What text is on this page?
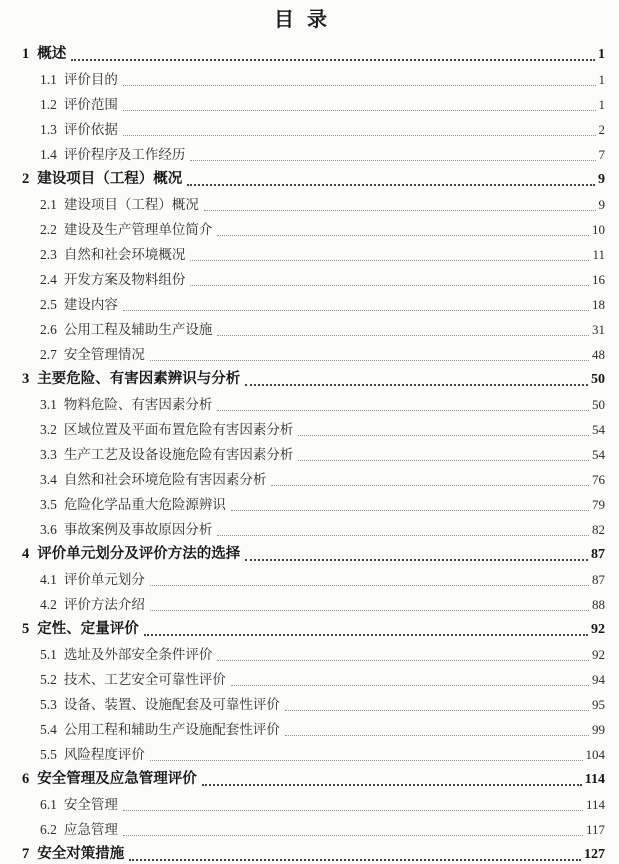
目 录
1 概述	1
1.1 评价目的	1
1.2 评价范围	1
1.3 评价依据	2
1.4 评价程序及工作经历	7
2 建设项目（工程）概况	9
2.1 建设项目（工程）概况	9
2.2 建设及生产管理单位简介	10
2.3 自然和社会环境概况	11
2.4 开发方案及物料组份	16
2.5 建设内容	18
2.6 公用工程及辅助生产设施	31
2.7 安全管理情况	48
3 主要危险、有害因素辨识与分析	50
3.1 物料危险、有害因素分析	50
3.2 区域位置及平面布置危险有害因素分析	54
3.3 生产工艺及设备设施危险有害因素分析	54
3.4 自然和社会环境危险有害因素分析	76
3.5 危险化学品重大危险源辨识	79
3.6 事故案例及事故原因分析	82
4 评价单元划分及评价方法的选择	87
4.1 评价单元划分	87
4.2 评价方法介绍	88
5 定性、定量评价	92
5.1 选址及外部安全条件评价	92
5.2 技术、工艺安全可靠性评价	94
5.3 设备、装置、设施配套及可靠性评价	95
5.4 公用工程和辅助生产设施配套性评价	99
5.5 风险程度评价	104
6 安全管理及应急管理评价	114
6.1 安全管理	114
6.2 应急管理	117
7 安全对策措施	127
